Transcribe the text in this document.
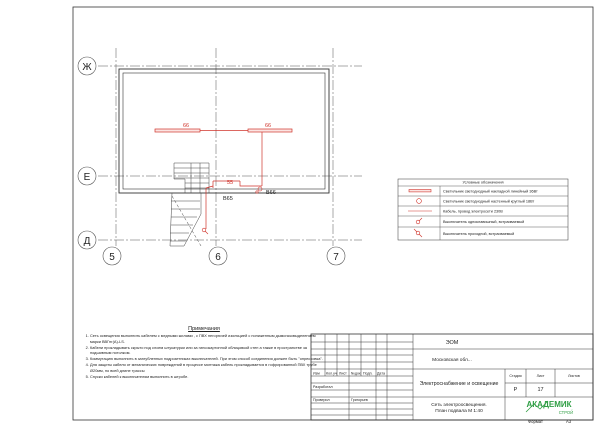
Ж
Е
Д
5	6	7
66	66
55
В66
В65
Условные обозначения
Светильник светодиодный накладной линейный 36Вт
Светильник светодиодный настенный круглый 18Вт
Кабель, провод электросети 230В
Выключатель одноклавишный, встраиваемый
Выключатель проходной, встраиваемый
Изм Кол.уч Лист №док Подп. Дата
Разработал
Проверил	Григорьев
Стадия	Лист	Листов
ЭОМ
Московская обл...
Электроснабжение и освещение
Р	17
Сеть электроосвещения. План подвала М 1:40
АКАДЕМИК
СТРОЙ
Формат	А3
Примечания
1. Сеть освещения выполнить кабелем с медными жилами , с ПВХ негорючей изоляцией с пониженным дымогазовыделением марки ВВГнг(А)-LS.
2. Кабели прокладывать скрыто под слоем штукатурки или за гипсокартонной облицовкой стен а также в пространстве за подшивным потолком.
3. Коммутацию выполнить в заглубленных подрозетниках выключателей. При этом способ соединения должен быть "опрессовка".
4. Для защиты кабеля от механических повреждений в процессе монтажа кабель прокладывается в гофрированной ПВХ трубе Ø20мм, по всей длине трассы
5. Спуски кабелей к выключателям выполнить в штробе.
